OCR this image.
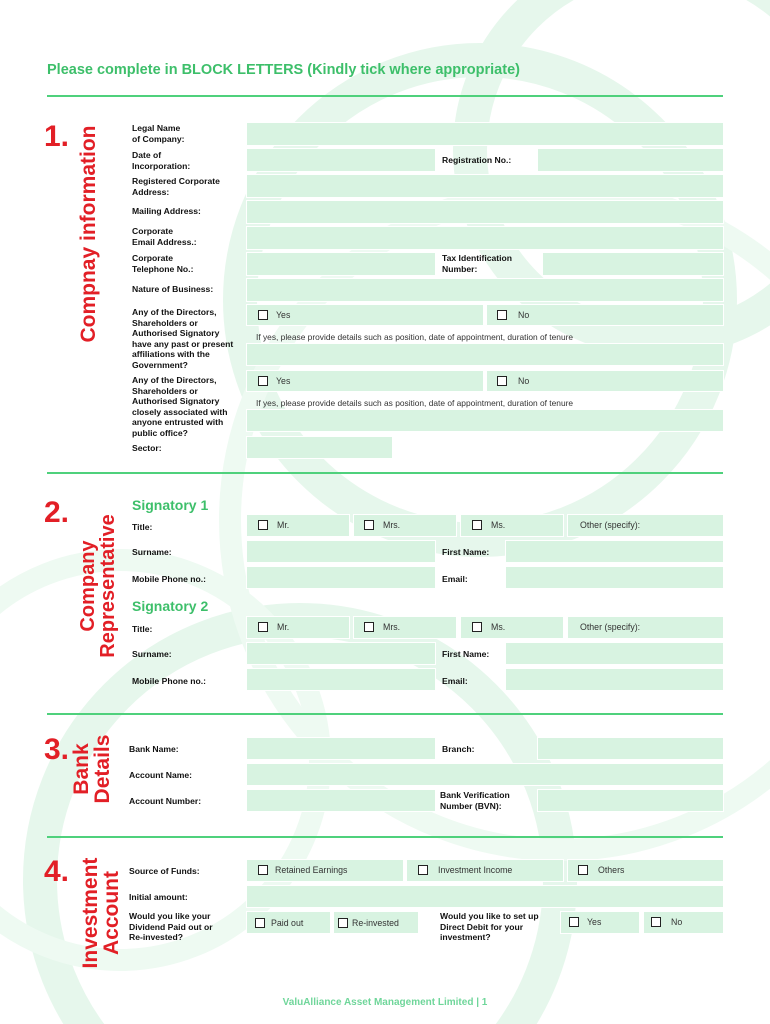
Please complete in BLOCK LETTERS (Kindly tick where appropriate)
1. Compnay information	Legal Name
of Company:
Date of
Incorporation:
Registration No.:
Registered Corporate
Address:
Mailing Address:
Corporate
Email Address.:
Corporate
Telephone No.:
Tax Identification
Number:
Nature of Business:
Any of the Directors,
Shareholders or
Authorised Signatory
have any past or present
affiliations with the
Government?
Yes	No
If yes, please provide details such as position, date of appointment, duration of tenure
Any of the Directors,
Shareholders or
Authorised Signatory
closely associated with
anyone entrusted with
public office?
Yes	No
If yes, please provide details such as position, date of appointment, duration of tenure
Sector:
2.
Company
Representative
Signatory 1
Title:	Mr.	Mrs.	Ms.	Other (specify):
Surname:	First Name:
Mobile Phone no.:	Email:
Signatory 2
Title:	Mr.	Mrs.	Ms.	Other (specify):
Surname:	First Name:
Mobile Phone no.:	Email:
3. Bank
Details Bank Name:	Branch:
Account Name:
Account Number:
Bank Verification
Number (BVN):
4. Investment
Account Source of Funds:	Retained Earnings	Investment Income	Others
Initial amount:
Would you like your
Dividend Paid out or
Re-invested?
Paid out	Re-invested
Would you like to set up
Direct Debit for your
investment?
Yes	No
ValuAlliance Asset Management Limited | 1
